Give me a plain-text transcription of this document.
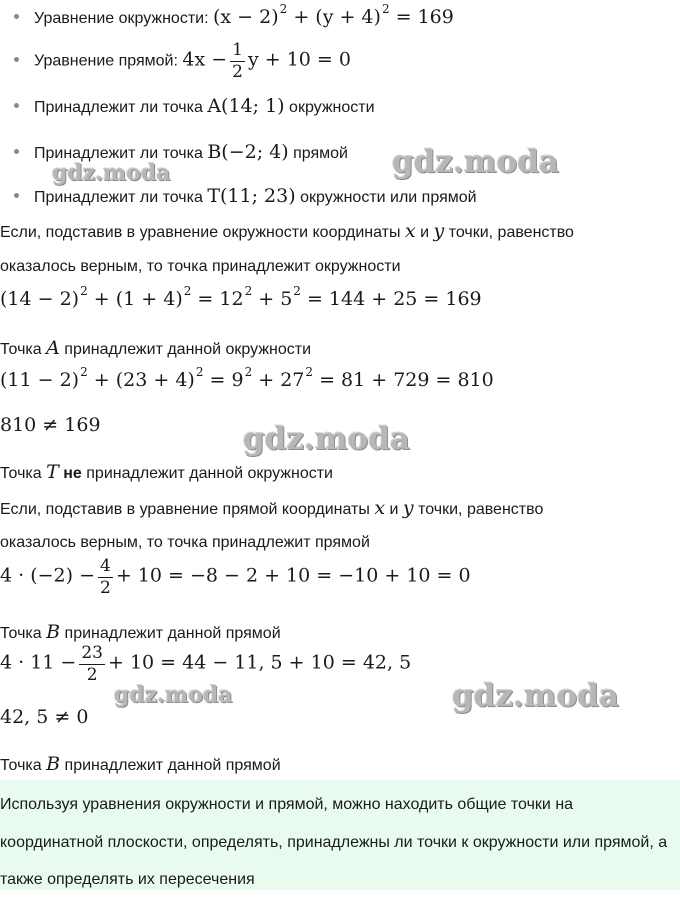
Уравнение окружности: $(x - 2)^2 + (y + 4)^2 = 169$
Уравнение прямой: $4x - \frac{1}{2}$ y + 10 = 0
Принадлежит ли точка A(14; 1) окружности
Принадлежит ли точка B(−2; 4) прямой
Принадлежит ли точка T(11; 23) окружности или прямой
Если, подставив в уравнение окружности координаты x и y точки, равенство
оказалось верным, то точка принадлежит окружности
$(14 - 2)^2 + (1 + 4)^2 = 12^2 + 5^2 = 144 + 25 = 169$
Точка A принадлежит данной окружности
$(11 - 2)^2 + (23 + 4)^2 = 9^2 + 27^2 = 81 + 729 = 810$
810 ≠ 169
Точка T не принадлежит данной окружности
Если, подставив в уравнение прямой координаты x и y точки, равенство
оказалось верным, то точка принадлежит прямой
$4 \cdot (-2) - \frac{4}{2} + 10 = -8 - 2 + 10 = -10 + 10 = 0$
Точка B принадлежит данной прямой
$4 \cdot 11 - \frac{23}{2} + 10 = 44 - 11$, 5 + 10 = 42, 5
42, 5 ≠ 0
Точка B принадлежит данной прямой
Используя уравнения окружности и прямой, можно находить общие точки на координатной плоскости, определять, принадлежны ли точки к окружности или прямой, а также определять их пересечения
gdz.moda
gdz.moda
gdz.moda
gdz.moda	gdz.moda
